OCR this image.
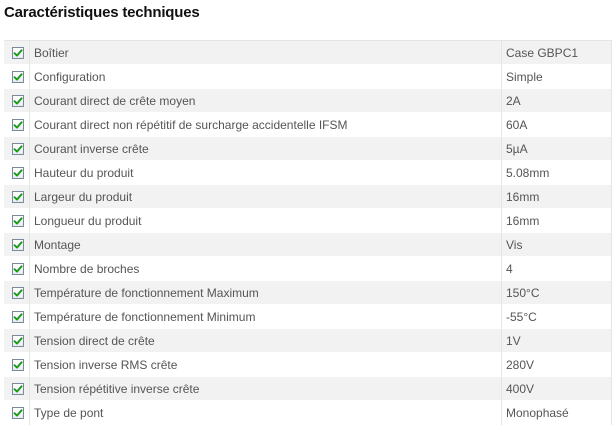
Caractéristiques techniques
Boîtier	Case GBPC1
Configuration	Simple
Courant direct de crête moyen	2A
Courant direct non répétitif de surcharge accidentelle IFSM	60A
Courant inverse crête	5µA
Hauteur du produit	5.08mm
Largeur du produit	16mm
Longueur du produit	16mm
Montage	Vis
Nombre de broches	4
Température de fonctionnement Maximum	150°C
Température de fonctionnement Minimum	-55°C
Tension direct de crête	1V
Tension inverse RMS crête	280V
Tension répétitive inverse crête	400V
Type de pont	Monophasé
